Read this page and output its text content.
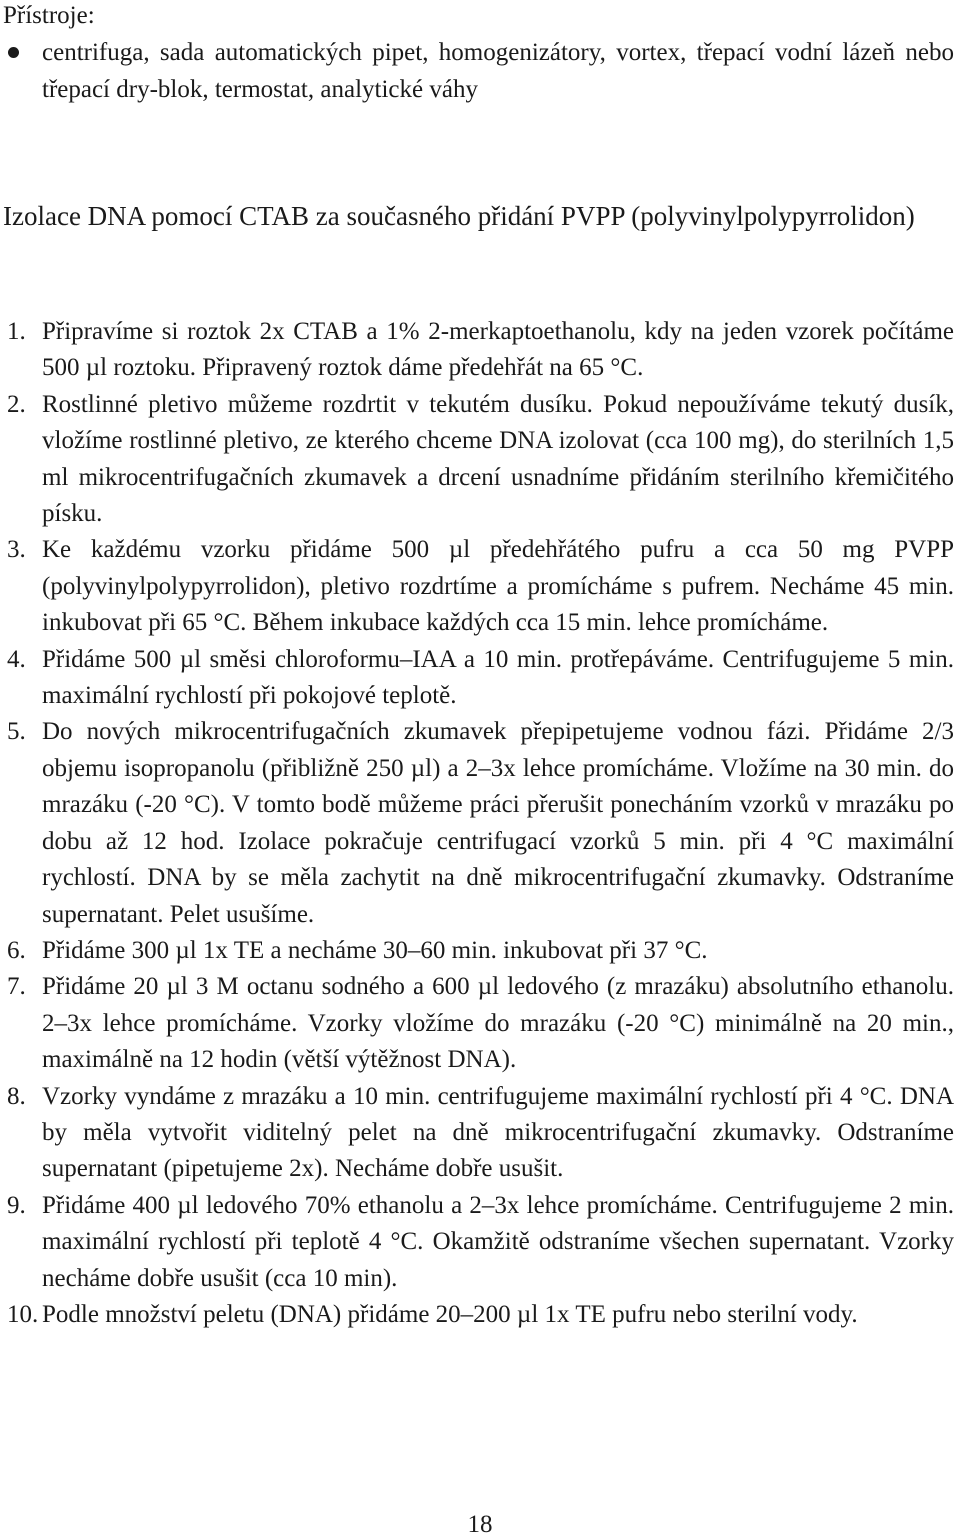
Přístroje:
centrifuga, sada automatických pipet, homogenizátory, vortex, třepací vodní lázeň nebo třepací dry-blok, termostat, analytické váhy
Izolace DNA pomocí CTAB za současného přidání PVPP (polyvinylpolypyrrolidon)
1. Připravíme si roztok 2x CTAB a 1% 2-merkaptoethanolu, kdy na jeden vzorek počítáme 500 µl roztoku. Připravený roztok dáme předehřát na 65 °C.
2. Rostlinné pletivo můžeme rozdrtit v tekutém dusíku. Pokud nepoužíváme tekutý dusík, vložíme rostlinné pletivo, ze kterého chceme DNA izolovat (cca 100 mg), do sterilních 1,5 ml mikrocentrifugačních zkumavek a drcení usnadníme přidáním sterilního křemičitého písku.
3. Ke každému vzorku přidáme 500 µl předehřátého pufru a cca 50 mg PVPP (polyvinylpolypyrrolidon), pletivo rozdrtíme a promícháme s pufrem. Necháme 45 min. inkubovat při 65 °C. Během inkubace každých cca 15 min. lehce promícháme.
4. Přidáme 500 µl směsi chloroformu–IAA a 10 min. protřepáváme. Centrifugujeme 5 min. maximální rychlostí při pokojové teplotě.
5. Do nových mikrocentrifugačních zkumavek přepipetujeme vodnou fázi. Přidáme 2/3 objemu isopropanolu (přibližně 250 µl) a 2–3x lehce promícháme. Vložíme na 30 min. do mrazáku (-20 °C). V tomto bodě můžeme práci přerušit ponecháním vzorků v mrazáku po dobu až 12 hod. Izolace pokračuje centrifugací vzorků 5 min. při 4 °C maximální rychlostí. DNA by se měla zachytit na dně mikrocentrifugační zkumavky. Odstraníme supernatant. Pelet usušíme.
6. Přidáme 300 µl 1x TE a necháme 30–60 min. inkubovat při 37 °C.
7. Přidáme 20 µl 3 M octanu sodného a 600 µl ledového (z mrazáku) absolutního ethanolu. 2–3x lehce promícháme. Vzorky vložíme do mrazáku (-20 °C) minimálně na 20 min., maximálně na 12 hodin (větší výtěžnost DNA).
8. Vzorky vyndáme z mrazáku a 10 min. centrifugujeme maximální rychlostí při 4 °C. DNA by měla vytvořit viditelný pelet na dně mikrocentrifugační zkumavky. Odstraníme supernatant (pipetujeme 2x). Necháme dobře usušit.
9. Přidáme 400 µl ledového 70% ethanolu a 2–3x lehce promícháme. Centrifugujeme 2 min. maximální rychlostí při teplotě 4 °C. Okamžitě odstraníme všechen supernatant. Vzorky necháme dobře usušit (cca 10 min).
10. Podle množství peletu (DNA) přidáme 20–200 µl 1x TE pufru nebo sterilní vody.
18
